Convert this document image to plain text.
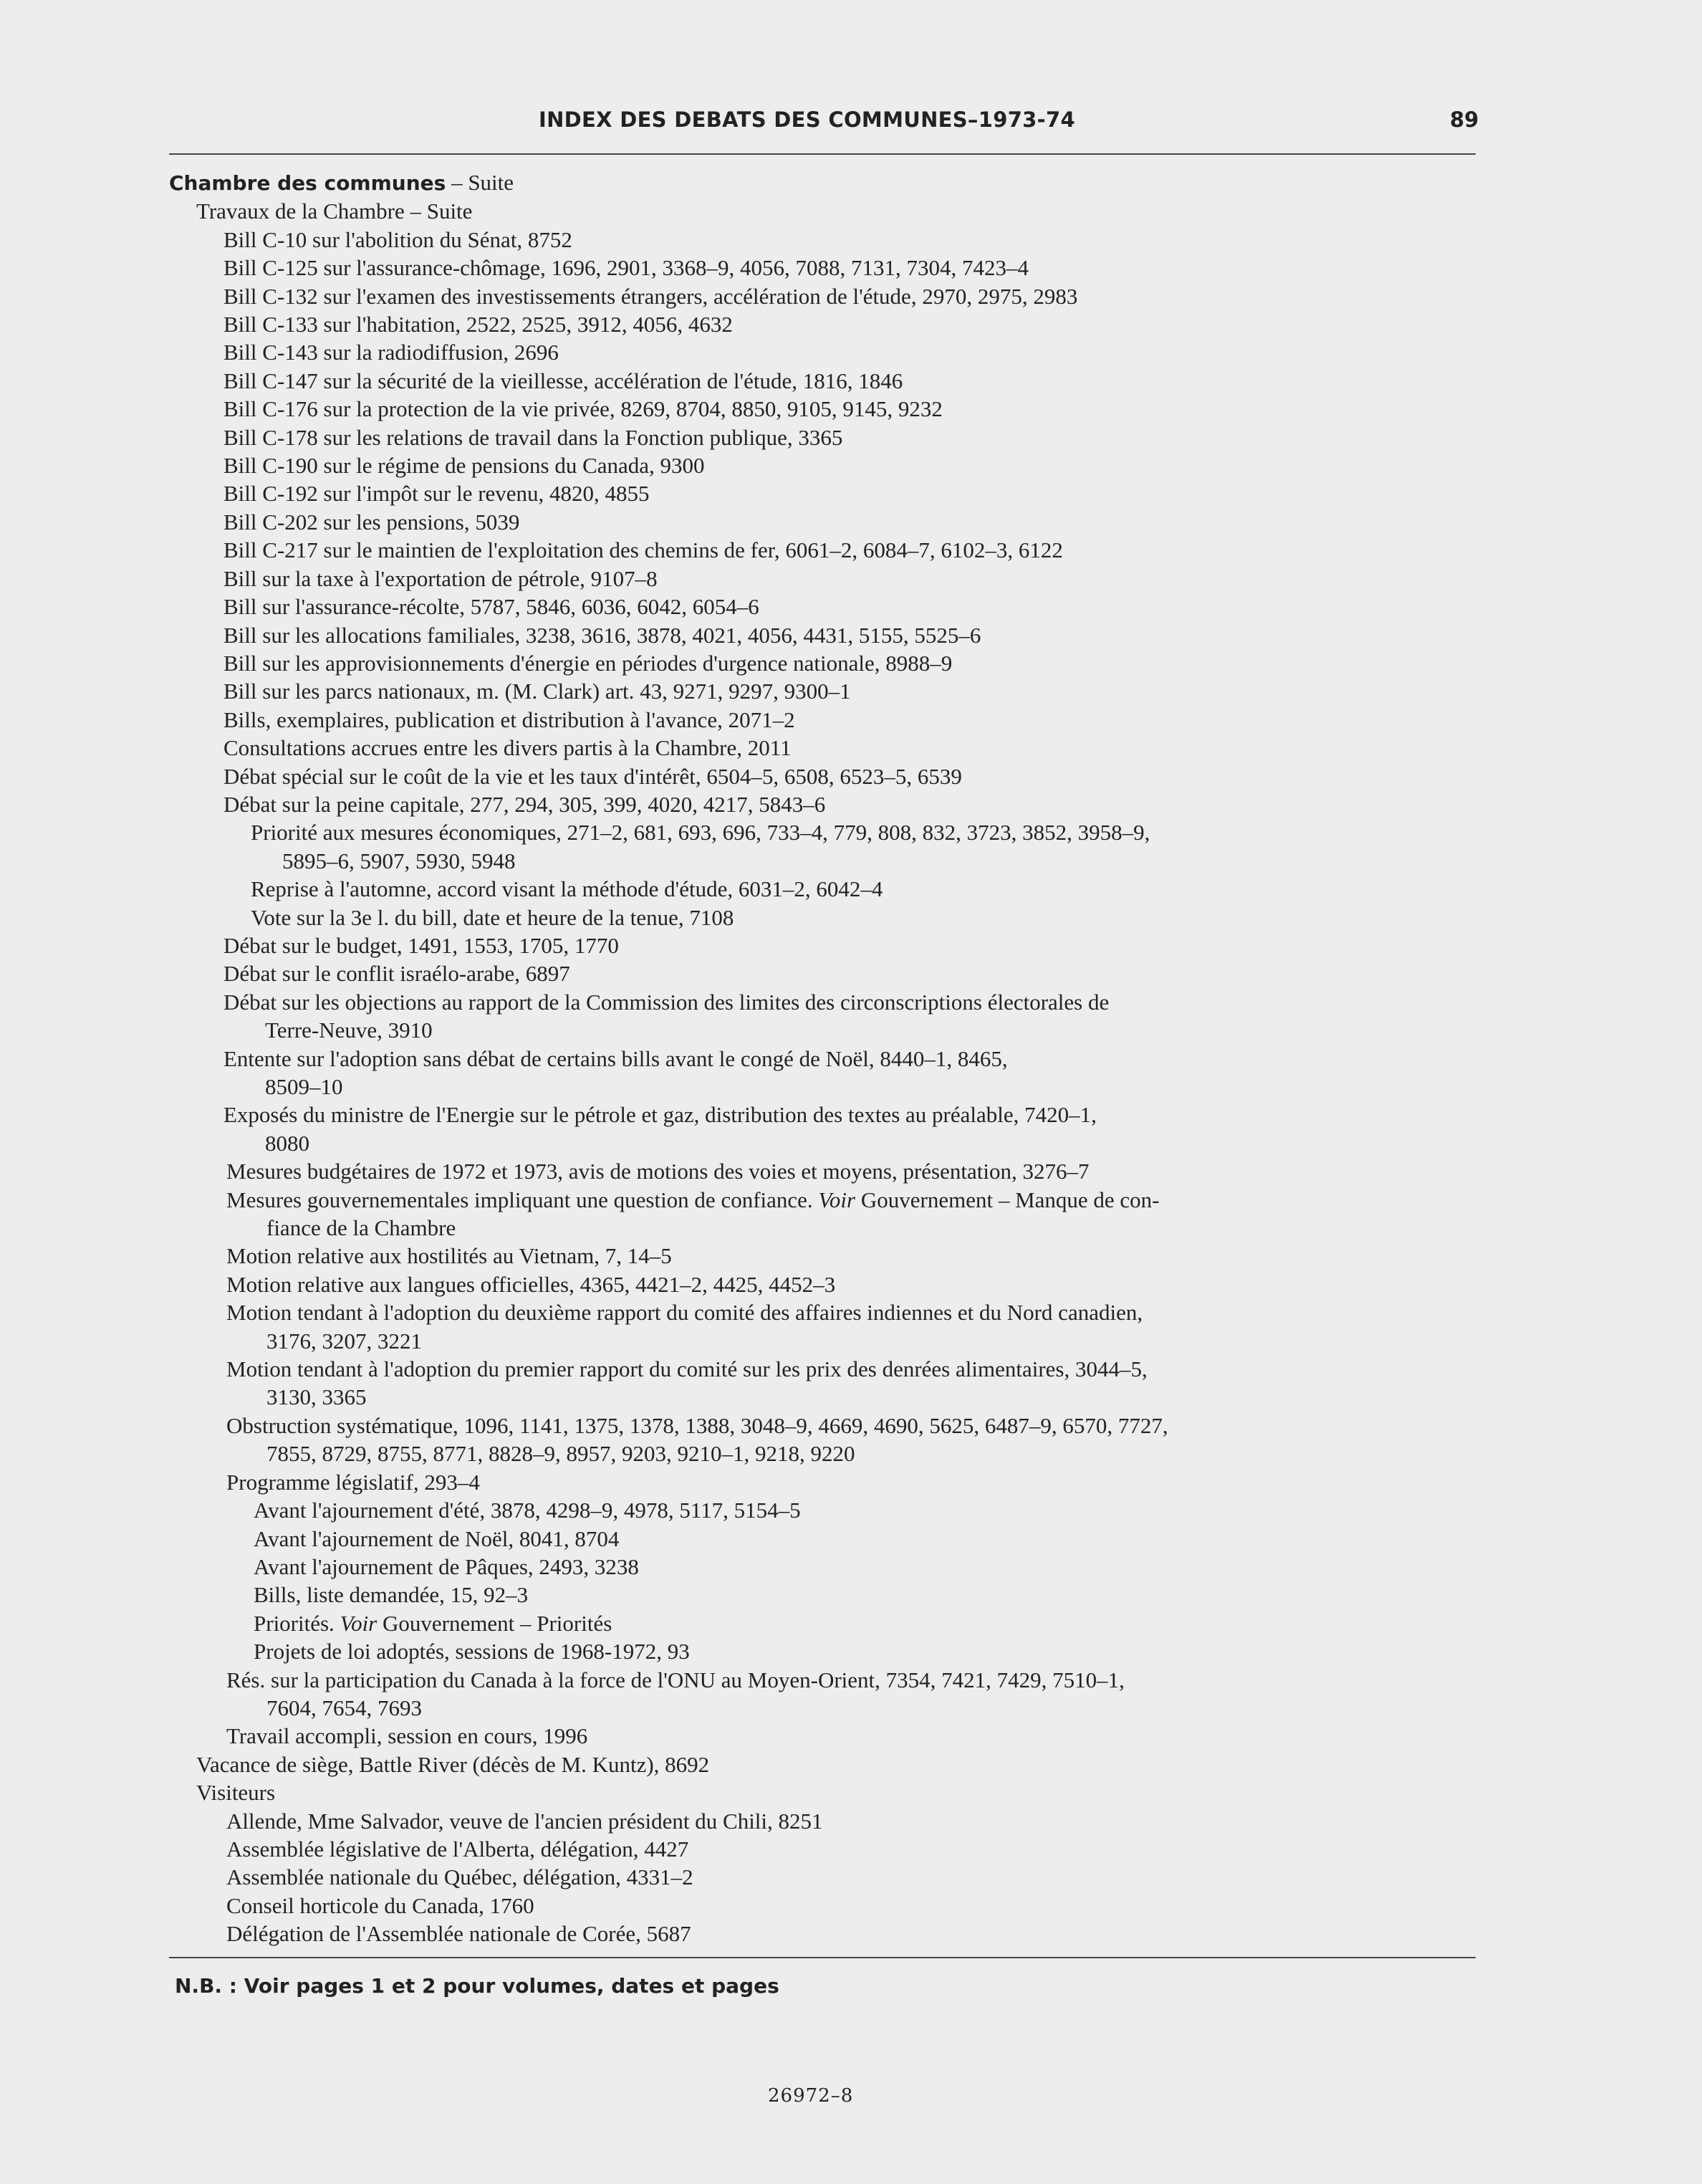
INDEX DES DEBATS DES COMMUNES–1973-74	89
Chambre des communes – Suite
Travaux de la Chambre – Suite
Bill C-10 sur l'abolition du Sénat, 8752
Bill C-125 sur l'assurance-chômage, 1696, 2901, 3368–9, 4056, 7088, 7131, 7304, 7423–4
Bill C-132 sur l'examen des investissements étrangers, accélération de l'étude, 2970, 2975, 2983
Bill C-133 sur l'habitation, 2522, 2525, 3912, 4056, 4632
Bill C-143 sur la radiodiffusion, 2696
Bill C-147 sur la sécurité de la vieillesse, accélération de l'étude, 1816, 1846
Bill C-176 sur la protection de la vie privée, 8269, 8704, 8850, 9105, 9145, 9232
Bill C-178 sur les relations de travail dans la Fonction publique, 3365
Bill C-190 sur le régime de pensions du Canada, 9300
Bill C-192 sur l'impôt sur le revenu, 4820, 4855
Bill C-202 sur les pensions, 5039
Bill C-217 sur le maintien de l'exploitation des chemins de fer, 6061–2, 6084–7, 6102–3, 6122
Bill sur la taxe à l'exportation de pétrole, 9107–8
Bill sur l'assurance-récolte, 5787, 5846, 6036, 6042, 6054–6
Bill sur les allocations familiales, 3238, 3616, 3878, 4021, 4056, 4431, 5155, 5525–6
Bill sur les approvisionnements d'énergie en périodes d'urgence nationale, 8988–9
Bill sur les parcs nationaux, m. (M. Clark) art. 43, 9271, 9297, 9300–1
Bills, exemplaires, publication et distribution à l'avance, 2071–2
Consultations accrues entre les divers partis à la Chambre, 2011
Débat spécial sur le coût de la vie et les taux d'intérêt, 6504–5, 6508, 6523–5, 6539
Débat sur la peine capitale, 277, 294, 305, 399, 4020, 4217, 5843–6
Priorité aux mesures économiques, 271–2, 681, 693, 696, 733–4, 779, 808, 832, 3723, 3852, 3958–9,
5895–6, 5907, 5930, 5948
Reprise à l'automne, accord visant la méthode d'étude, 6031–2, 6042–4
Vote sur la 3e l. du bill, date et heure de la tenue, 7108
Débat sur le budget, 1491, 1553, 1705, 1770
Débat sur le conflit israélo-arabe, 6897
Débat sur les objections au rapport de la Commission des limites des circonscriptions électorales de
Terre-Neuve, 3910
Entente sur l'adoption sans débat de certains bills avant le congé de Noël, 8440–1, 8465,
8509–10
Exposés du ministre de l'Energie sur le pétrole et gaz, distribution des textes au préalable, 7420–1,
8080
Mesures budgétaires de 1972 et 1973, avis de motions des voies et moyens, présentation, 3276–7
Mesures gouvernementales impliquant une question de confiance. Voir Gouvernement – Manque de con-
fiance de la Chambre
Motion relative aux hostilités au Vietnam, 7, 14–5
Motion relative aux langues officielles, 4365, 4421–2, 4425, 4452–3
Motion tendant à l'adoption du deuxième rapport du comité des affaires indiennes et du Nord canadien,
3176, 3207, 3221
Motion tendant à l'adoption du premier rapport du comité sur les prix des denrées alimentaires, 3044–5,
3130, 3365
Obstruction systématique, 1096, 1141, 1375, 1378, 1388, 3048–9, 4669, 4690, 5625, 6487–9, 6570, 7727,
7855, 8729, 8755, 8771, 8828–9, 8957, 9203, 9210–1, 9218, 9220
Programme législatif, 293–4
Avant l'ajournement d'été, 3878, 4298–9, 4978, 5117, 5154–5
Avant l'ajournement de Noël, 8041, 8704
Avant l'ajournement de Pâques, 2493, 3238
Bills, liste demandée, 15, 92–3
Priorités. Voir Gouvernement – Priorités
Projets de loi adoptés, sessions de 1968-1972, 93
Rés. sur la participation du Canada à la force de l'ONU au Moyen-Orient, 7354, 7421, 7429, 7510–1,
7604, 7654, 7693
Travail accompli, session en cours, 1996
Vacance de siège, Battle River (décès de M. Kuntz), 8692
Visiteurs
Allende, Mme Salvador, veuve de l'ancien président du Chili, 8251
Assemblée législative de l'Alberta, délégation, 4427
Assemblée nationale du Québec, délégation, 4331–2
Conseil horticole du Canada, 1760
Délégation de l'Assemblée nationale de Corée, 5687
N.B. : Voir pages 1 et 2 pour volumes, dates et pages
26972–8
